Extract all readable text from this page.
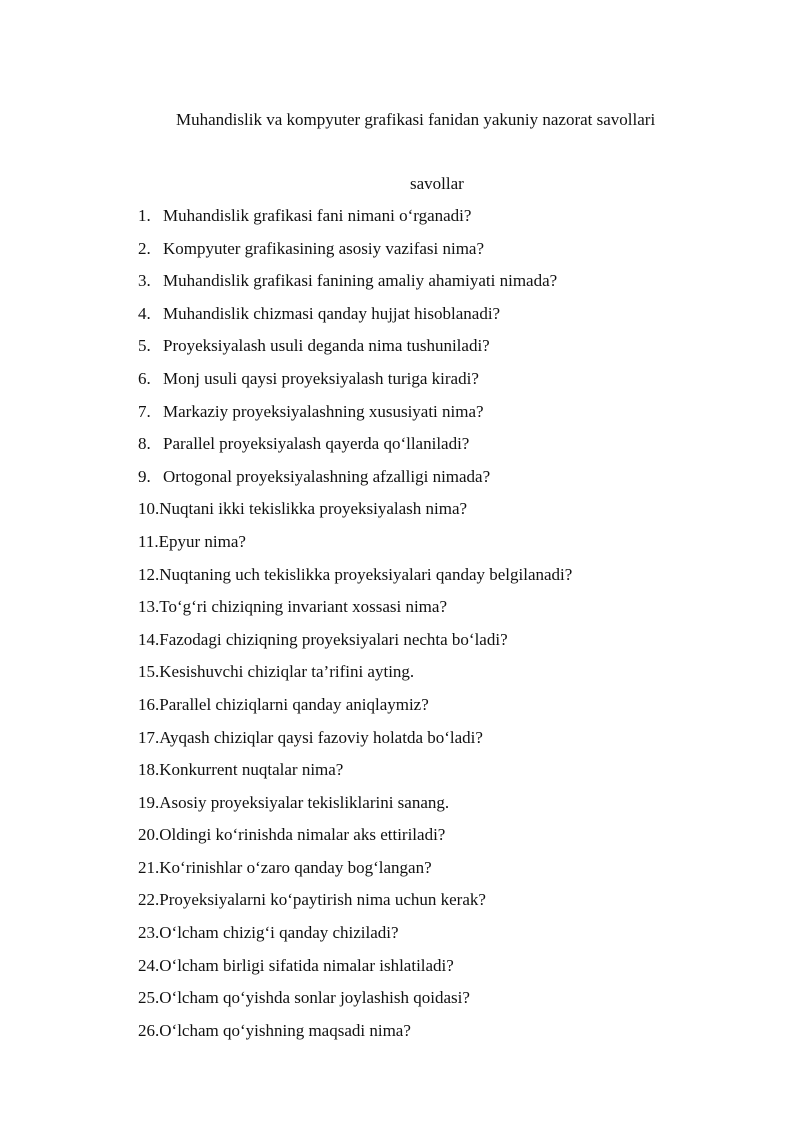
Muhandislik va kompyuter grafikasi fanidan yakuniy nazorat savollari
savollar
1. Muhandislik grafikasi fani nimani o‘rganadi?
2. Kompyuter grafikasining asosiy vazifasi nima?
3. Muhandislik grafikasi fanining amaliy ahamiyati nimada?
4. Muhandislik chizmasi qanday hujjat hisoblanadi?
5. Proyeksiyalash usuli deganda nima tushuniladi?
6. Monj usuli qaysi proyeksiyalash turiga kiradi?
7. Markaziy proyeksiyalashning xususiyati nima?
8. Parallel proyeksiyalash qayerda qo‘llaniladi?
9. Ortogonal proyeksiyalashning afzalligi nimada?
10. Nuqtani ikki tekislikka proyeksiyalash nima?
11. Epyur nima?
12. Nuqtaning uch tekislikka proyeksiyalari qanday belgilanadi?
13. To‘g‘ri chiziqning invariant xossasi nima?
14. Fazodagi chiziqning proyeksiyalari nechta bo‘ladi?
15. Kesishuvchi chiziqlar ta’rifini ayting.
16. Parallel chiziqlarni qanday aniqlaymiz?
17. Ayqash chiziqlar qaysi fazoviy holatda bo‘ladi?
18. Konkurrent nuqtalar nima?
19. Asosiy proyeksiyalar tekisliklarini sanang.
20. Oldingi ko‘rinishda nimalar aks ettiriladi?
21. Ko‘rinishlar o‘zaro qanday bog‘langan?
22. Proyeksiyalarni ko‘paytirish nima uchun kerak?
23. O‘lcham chizig‘i qanday chiziladi?
24. O‘lcham birligi sifatida nimalar ishlatiladi?
25. O‘lcham qo‘yishda sonlar joylashish qoidasi?
26. O‘lcham qo‘yishning maqsadi nima?
